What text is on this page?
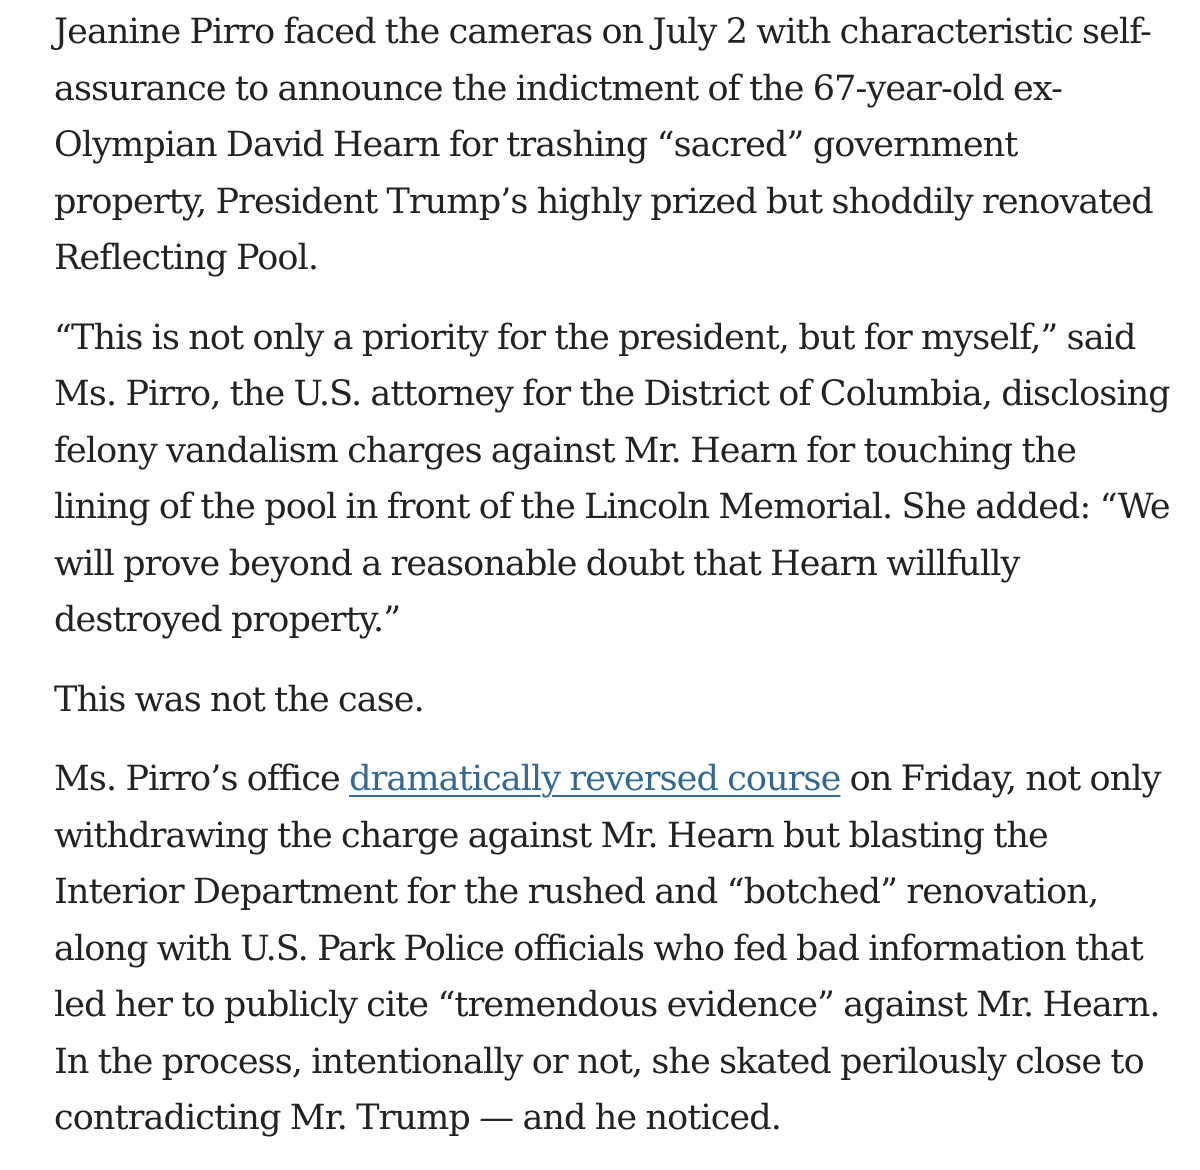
Jeanine Pirro faced the cameras on July 2 with characteristic self-assurance to announce the indictment of the 67-year-old ex-Olympian David Hearn for trashing “sacred” government property, President Trump’s highly prized but shoddily renovated Reflecting Pool.

“This is not only a priority for the president, but for myself,” said Ms. Pirro, the U.S. attorney for the District of Columbia, disclosing felony vandalism charges against Mr. Hearn for touching the lining of the pool in front of the Lincoln Memorial. She added: “We will prove beyond a reasonable doubt that Hearn willfully destroyed property.”

This was not the case.

Ms. Pirro’s office dramatically reversed course on Friday, not only withdrawing the charge against Mr. Hearn but blasting the Interior Department for the rushed and “botched” renovation, along with U.S. Park Police officials who fed bad information that led her to publicly cite “tremendous evidence” against Mr. Hearn. In the process, intentionally or not, she skated perilously close to contradicting Mr. Trump — and he noticed.
